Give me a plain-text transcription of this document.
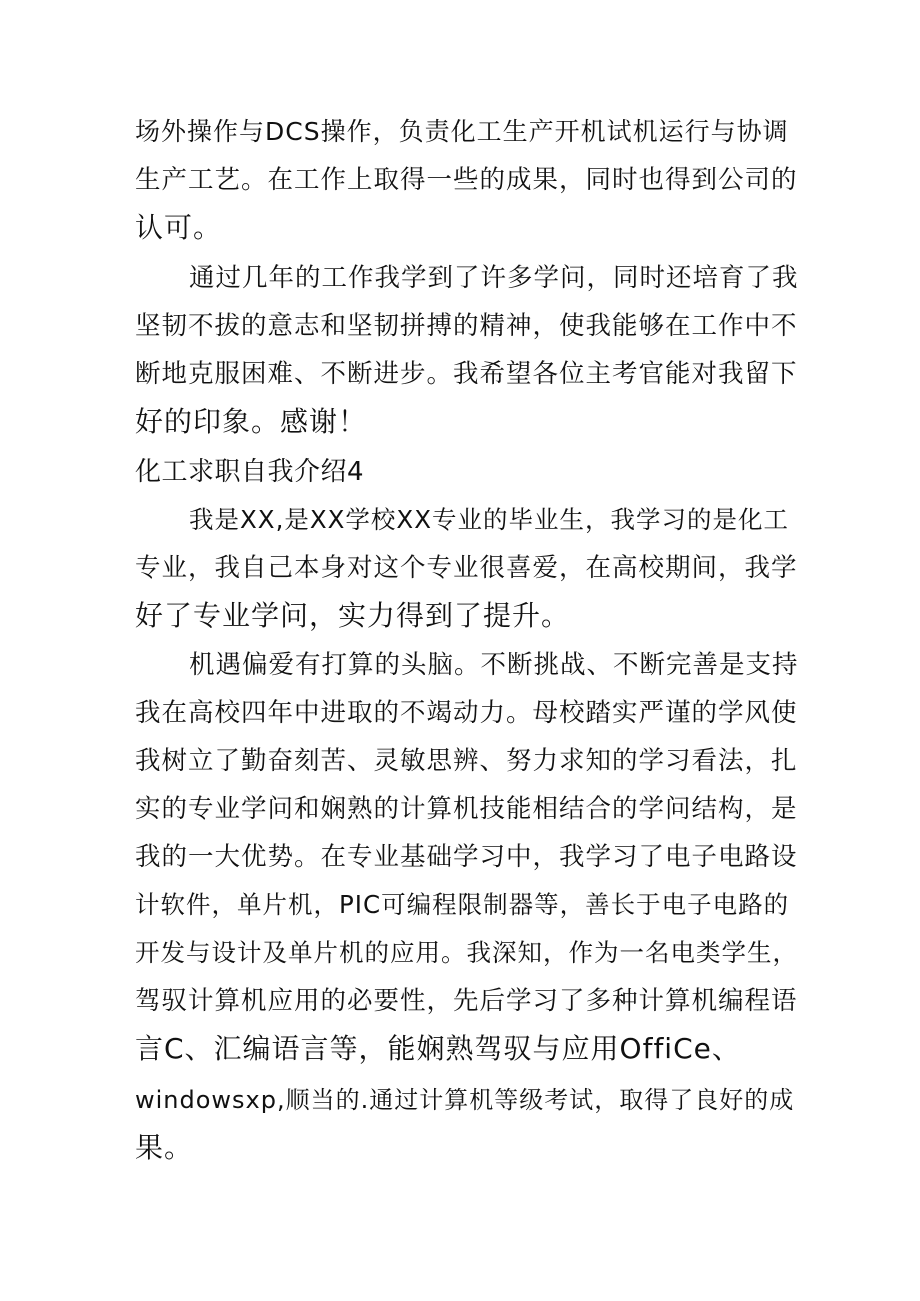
场外操作与DCS操作，负责化工生产开机试机运行与协调
生产工艺。在工作上取得一些的成果，同时也得到公司的
认可。
通过几年的工作我学到了许多学问，同时还培育了我
坚韧不拔的意志和坚韧拼搏的精神，使我能够在工作中不
断地克服困难、不断进步。我希望各位主考官能对我留下
好的印象。感谢！
化工求职自我介绍4
我是XX,是XX学校XX专业的毕业生，我学习的是化工
专业，我自己本身对这个专业很喜爱，在高校期间，我学
好了专业学问，实力得到了提升。
机遇偏爱有打算的头脑。不断挑战、不断完善是支持
我在高校四年中进取的不竭动力。母校踏实严谨的学风使
我树立了勤奋刻苦、灵敏思辨、努力求知的学习看法，扎
实的专业学问和娴熟的计算机技能相结合的学问结构，是
我的一大优势。在专业基础学习中，我学习了电子电路设
计软件，单片机，PIC可编程限制器等，善长于电子电路的
开发与设计及单片机的应用。我深知，作为一名电类学生，
驾驭计算机应用的必要性，先后学习了多种计算机编程语
言C、汇编语言等，能娴熟驾驭与应用OffiCe、
windowsxp,顺当的.通过计算机等级考试，取得了良好的成
果。
